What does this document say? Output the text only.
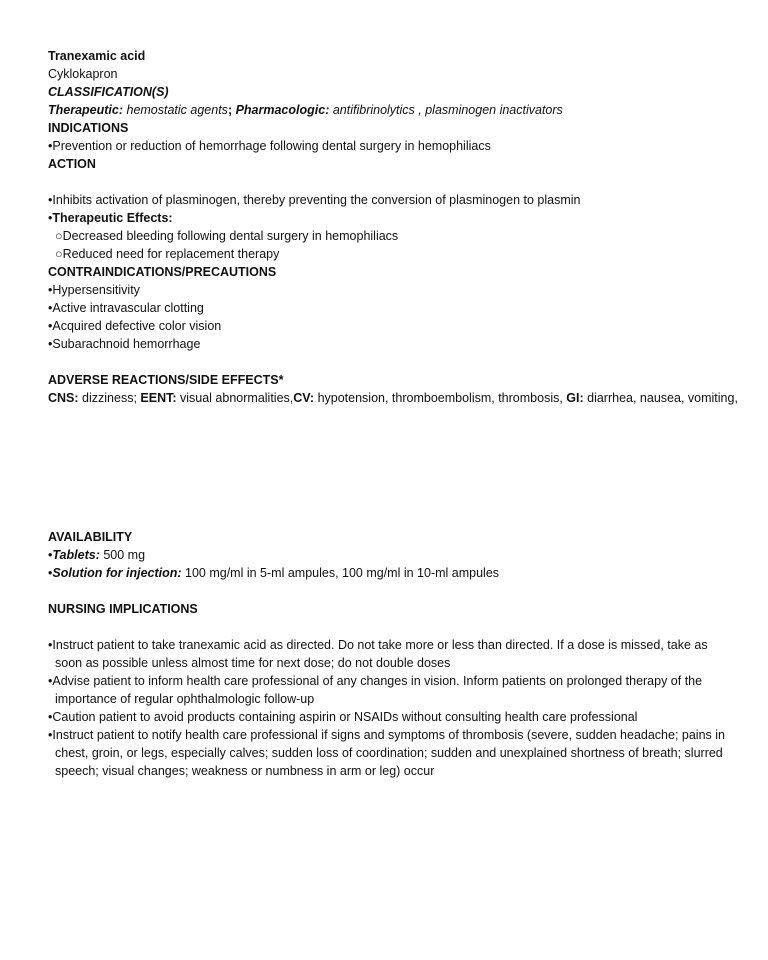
Tranexamic acid
Cyklokapron
CLASSIFICATION(S)
Therapeutic: hemostatic agents; Pharmacologic: antifibrinolytics , plasminogen inactivators
INDICATIONS
•Prevention or reduction of hemorrhage following dental surgery in hemophiliacs
ACTION
•Inhibits activation of plasminogen, thereby preventing the conversion of plasminogen to plasmin
•Therapeutic Effects:
○Decreased bleeding following dental surgery in hemophiliacs
○Reduced need for replacement therapy
CONTRAINDICATIONS/PRECAUTIONS
•Hypersensitivity
•Active intravascular clotting
•Acquired defective color vision
•Subarachnoid hemorrhage
ADVERSE REACTIONS/SIDE EFFECTS*
CNS: dizziness; EENT: visual abnormalities,CV: hypotension, thromboembolism, thrombosis, GI: diarrhea, nausea, vomiting,
AVAILABILITY
•Tablets: 500 mg
•Solution for injection: 100 mg/ml in 5-ml ampules, 100 mg/ml in 10-ml ampules
NURSING IMPLICATIONS
•Instruct patient to take tranexamic acid as directed. Do not take more or less than directed. If a dose is missed, take as soon as possible unless almost time for next dose; do not double doses
•Advise patient to inform health care professional of any changes in vision. Inform patients on prolonged therapy of the importance of regular ophthalmologic follow-up
•Caution patient to avoid products containing aspirin or NSAIDs without consulting health care professional
•Instruct patient to notify health care professional if signs and symptoms of thrombosis (severe, sudden headache; pains in chest, groin, or legs, especially calves; sudden loss of coordination; sudden and unexplained shortness of breath; slurred speech; visual changes; weakness or numbness in arm or leg) occur
